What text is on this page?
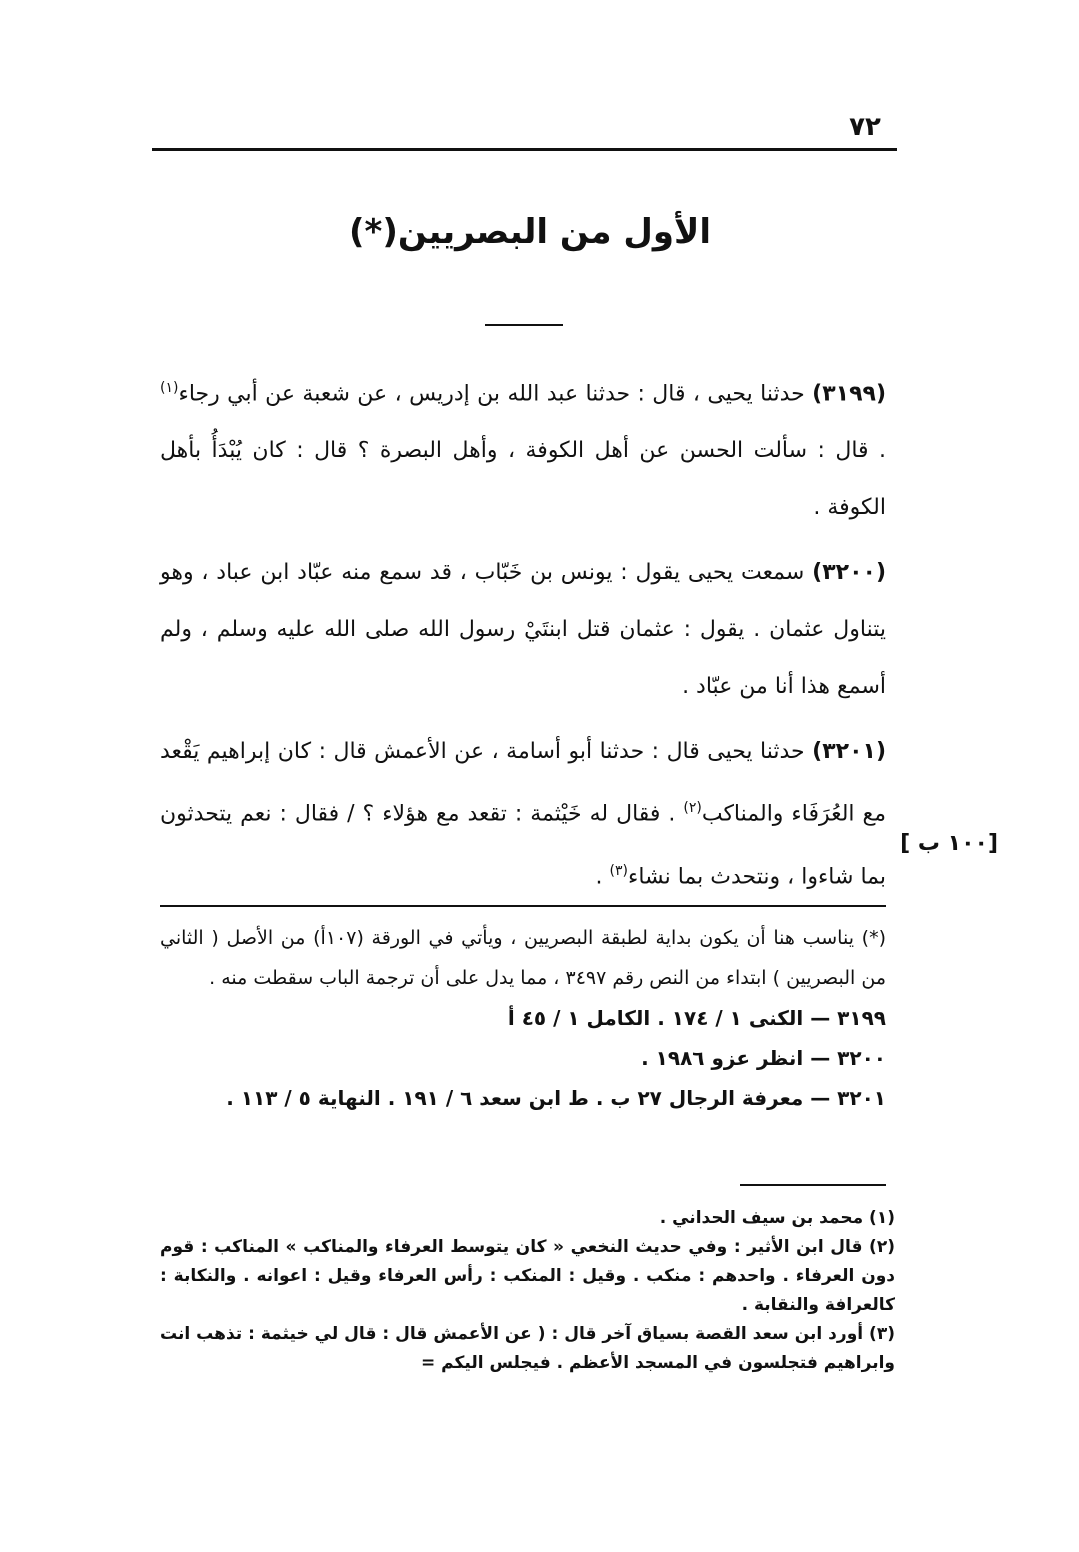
٧٢
الأول من البصريين(*)

(٣١٩٩) حدثنا يحيى ، قال : حدثنا عبد الله بن إدريس ، عن شعبة عن أبي رجاء$^{(١)}$ . قال : سألت الحسن عن أهل الكوفة ، وأهل البصرة ؟ قال : كان يُبْدَأُ بأهل الكوفة .

(٣٢٠٠) سمعت يحيى يقول : يونس بن خَبّاب ، قد سمع منه عبّاد ابن عباد ، وهو يتناول عثمان . يقول : عثمان قتل ابنتَيْ رسول الله صلى الله عليه وسلم ، ولم أسمع هذا أنا من عبّاد .

(٣٢٠١) حدثنا يحيى قال : حدثنا أبو أسامة ، عن الأعمش قال : كان إبراهيم يَقْعد مع العُرَفَاء والمناكب$^{(٢)}$ . فقال له خَيْثمة : تقعد مع هؤلاء ؟ / فقال : نعم يتحدثون بما شاءوا ، ونتحدث بما نشاء$^{(٣)}$ .

[١٠٠ ب ]

(*) يناسب هنا أن يكون بداية لطبقة البصريين ، ويأتي في الورقة (١٠٧أ) من الأصل ( الثاني من البصريين ) ابتداء من النص رقم ٣٤٩٧ ، مما يدل على أن ترجمة الباب سقطت منه .

٣١٩٩ — الكنى ١ / ١٧٤ . الكامل ١ / ٤٥ أ

٣٢٠٠ — انظر عزو ١٩٨٦ .

٣٢٠١ — معرفة الرجال ٢٧ ب . ط ابن سعد ٦ / ١٩١ . النهاية ٥ / ١١٣ .

(١) محمد بن سيف الحداني .

(٢) قال ابن الأثير : وفي حديث النخعي « كان يتوسط العرفاء والمناكب » المناكب : قوم دون العرفاء . واحدهم : منكب . وقيل : المنكب : رأس العرفاء وقيل : اعوانه . والنكابة : كالعرافة والنقابة .

(٣) أورد ابن سعد القصة بسياق آخر قال : ( عن الأعمش قال : قال لي خيثمة : تذهب انت وابراهيم فتجلسون في المسجد الأعظم . فيجلس اليكم =
